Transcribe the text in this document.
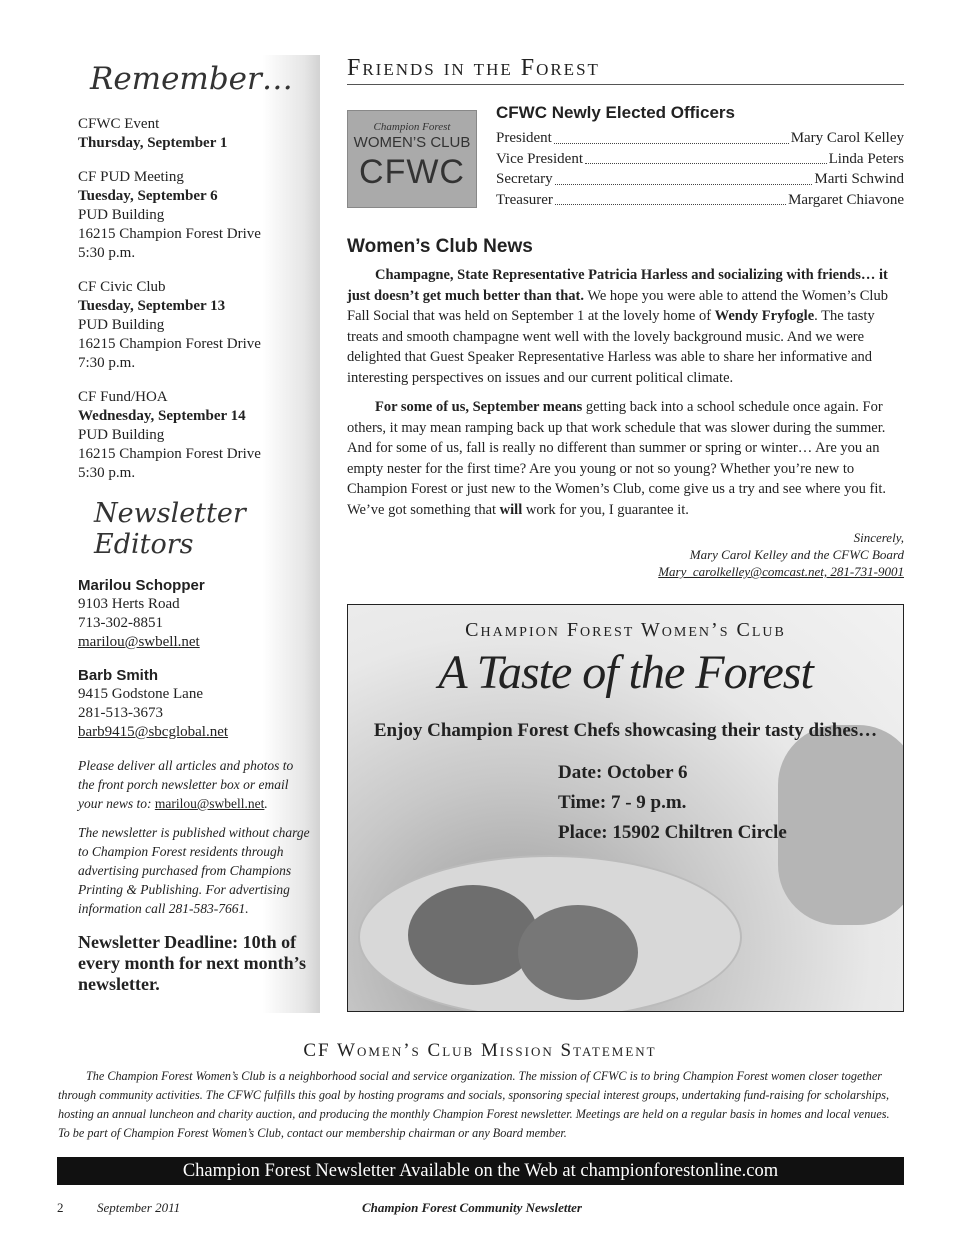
Remember…
CFWC Event
Thursday, September 1
CF PUD Meeting
Tuesday, September 6
PUD Building
16215 Champion Forest Drive
5:30 p.m.
CF Civic Club
Tuesday, September 13
PUD Building
16215 Champion Forest Drive
7:30 p.m.
CF Fund/HOA
Wednesday, September 14
PUD Building
16215 Champion Forest Drive
5:30 p.m.
Newsletter Editors
Marilou Schopper
9103 Herts Road
713-302-8851
marilou@swbell.net
Barb Smith
9415 Godstone Lane
281-513-3673
barb9415@sbcglobal.net
Please deliver all articles and photos to the front porch newsletter box or email your news to: marilou@swbell.net.
The newsletter is published without charge to Champion Forest residents through advertising purchased from Champions Printing & Publishing. For advertising information call 281-583-7661.
Newsletter Deadline: 10th of every month for next month’s newsletter.
Friends in the Forest
Champion Forest
WOMEN’S CLUB
CFWC
CFWC Newly Elected Officers
President	Mary Carol Kelley
Vice President	Linda Peters
Secretary	Marti Schwind
Treasurer	Margaret Chiavone
Women’s Club News

Champagne, State Representative Patricia Harless and socializing with friends… it just doesn’t get much better than that. We hope you were able to attend the Women’s Club Fall Social that was held on September 1 at the lovely home of Wendy Fryfogle. The tasty treats and smooth champagne went well with the lovely background music. And we were delighted that Guest Speaker Representative Harless was able to share her informative and interesting perspectives on issues and our current political climate.

For some of us, September means getting back into a school schedule once again. For others, it may mean ramping back up that work schedule that was slower during the summer. And for some of us, fall is really no different than summer or spring or winter… Are you an empty nester for the first time? Are you young or not so young? Whether you’re new to Champion Forest or just new to the Women’s Club, come give us a try and see where you fit. We’ve got something that will work for you, I guarantee it.

Sincerely,
Mary Carol Kelley and the CFWC Board
Mary_carolkelley@comcast.net, 281-731-9001
Champion Forest Women’s Club
A Taste of the Forest
Enjoy Champion Forest Chefs showcasing their tasty dishes…
Date: October 6
Time: 7 - 9 p.m.
Place: 15902 Chiltren Circle
CF Women’s Club Mission Statement
The Champion Forest Women’s Club is a neighborhood social and service organization. The mission of CFWC is to bring Champion Forest women closer together through community activities. The CFWC fulfills this goal by hosting programs and socials, sponsoring special interest groups, undertaking fund-raising for scholarships, hosting an annual luncheon and charity auction, and producing the monthly Champion Forest newsletter. Meetings are held on a regular basis in homes and local venues. To be part of Champion Forest Women’s Club, contact our membership chairman or any Board member.
Champion Forest Newsletter Available on the Web at championforestonline.com
2	September 2011	Champion Forest Community Newsletter
